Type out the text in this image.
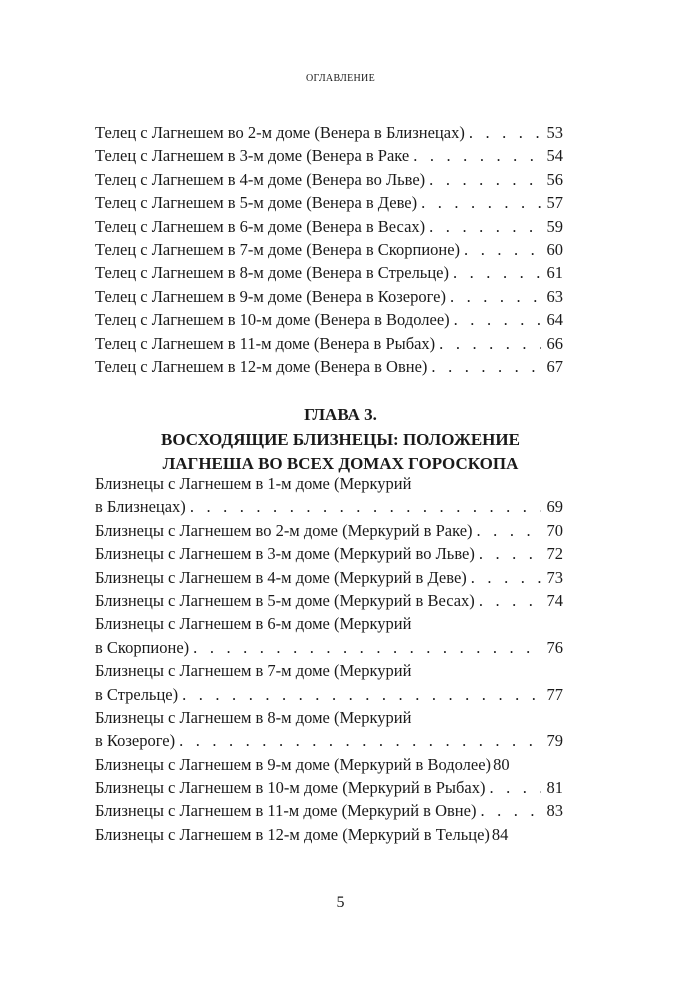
ОГЛАВЛЕНИЕ
Телец с Лагнешем во 2-м доме (Венера в Близнецах) . . .	53
Телец с Лагнешем в 3-м доме (Венера в Раке . . .	54
Телец с Лагнешем в 4-м доме (Венера во Льве) . . .	56
Телец с Лагнешем в 5-м доме (Венера в Деве) . . .	57
Телец с Лагнешем в 6-м доме (Венера в Весах) . . .	59
Телец с Лагнешем в 7-м доме (Венера в Скорпионе) . . .	60
Телец с Лагнешем в 8-м доме (Венера в Стрельце) . . .	61
Телец с Лагнешем в 9-м доме (Венера в Козероге) . . .	63
Телец с Лагнешем в 10-м доме (Венера в Водолее) . . .	64
Телец с Лагнешем в 11-м доме (Венера в Рыбах) . . .	66
Телец с Лагнешем в 12-м доме (Венера в Овне) . . .	67
ГЛАВА 3.
ВОСХОДЯЩИЕ БЛИЗНЕЦЫ: ПОЛОЖЕНИЕ
ЛАГНЕША ВО ВСЕХ ДОМАХ ГОРОСКОПА
Близнецы с Лагнешем в 1-м доме (Меркурий
в Близнецах) . . .	69
Близнецы с Лагнешем во 2-м доме (Меркурий в Раке) . . .	70
Близнецы с Лагнешем в 3-м доме (Меркурий во Льве) . . .	72
Близнецы с Лагнешем в 4-м доме (Меркурий в Деве) . . .	73
Близнецы с Лагнешем в 5-м доме (Меркурий в Весах) . . .	74
Близнецы с Лагнешем в 6-м доме (Меркурий
в Скорпионе) . . .	76
Близнецы с Лагнешем в 7-м доме (Меркурий
в Стрельце) . . .	77
Близнецы с Лагнешем в 8-м доме (Меркурий
в Козероге) . . .	79
Близнецы с Лагнешем в 9-м доме (Меркурий в Водолее) 80
Близнецы с Лагнешем в 10-м доме (Меркурий в Рыбах) . . .	81
Близнецы с Лагнешем в 11-м доме (Меркурий в Овне) . . .	83
Близнецы с Лагнешем в 12-м доме (Меркурий в Тельце) 84
5
